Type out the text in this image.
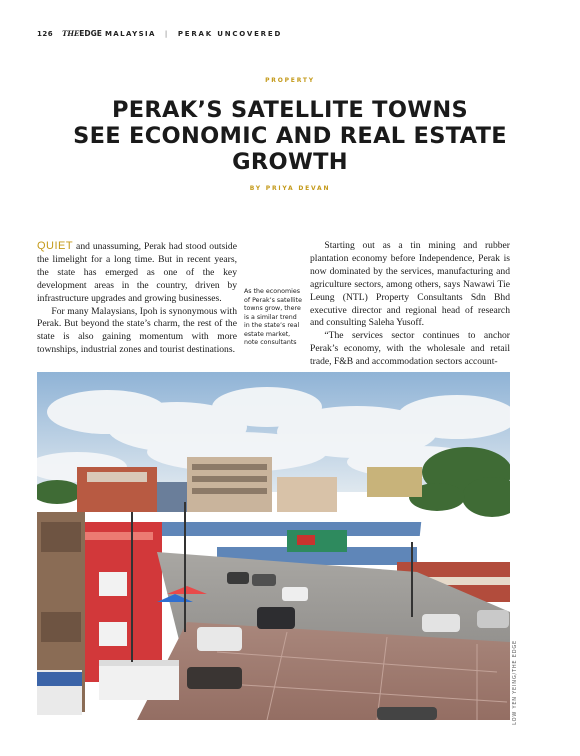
126 THE EDGE MALAYSIA | PERAK UNCOVERED
PROPERTY
PERAK’S SATELLITE TOWNS
SEE ECONOMIC AND REAL ESTATE
GROWTH
BY PRIYA DEVAN

QUIET and unassuming, Perak had stood outside the limelight for a long time. But in recent years, the state has emerged as one of the key development areas in the country, driven by infrastructure upgrades and growing businesses.

For many Malaysians, Ipoh is synonymous with Perak. But beyond the state’s charm, the rest of the state is also gaining momentum with more townships, industrial zones and tourist destinations.

As the economies of Perak’s satellite towns grow, there is a similar trend in the state’s real estate market, note consultants

Starting out as a tin mining and rubber plantation economy before Independence, Perak is now dominated by the services, manufacturing and agriculture sectors, among others, says Nawawi Tie Leung (NTL) Property Consultants Sdn Bhd executive director and regional head of research and consulting Saleha Yusoff.

“The services sector continues to anchor Perak’s economy, with the wholesale and retail trade, F&B and accommodation sectors account-

LOW YEN YEING/THE EDGE
